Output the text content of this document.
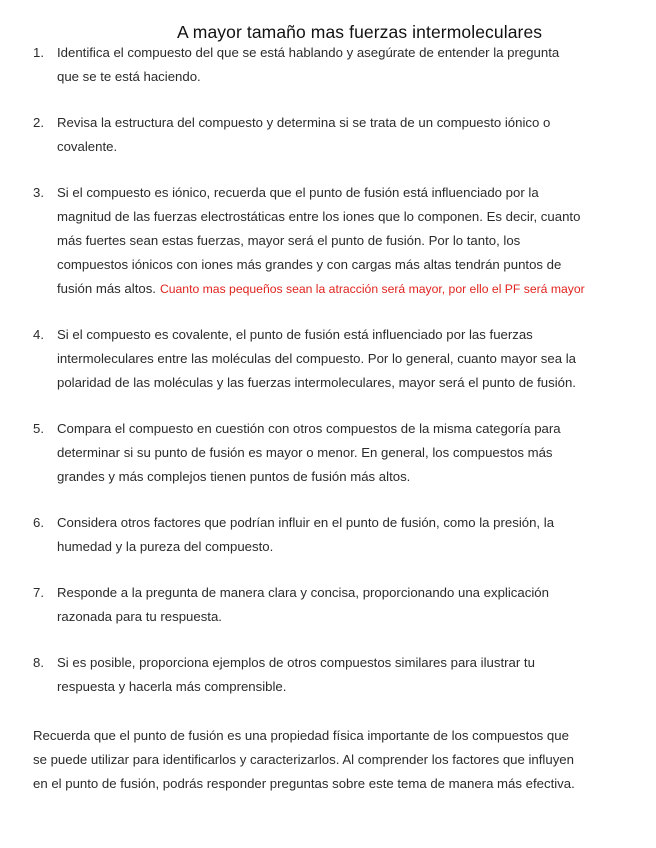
A mayor tamaño mas fuerzas intermoleculares
1. Identifica el compuesto del que se está hablando y asegúrate de entender la pregunta
que se te está haciendo.
2. Revisa la estructura del compuesto y determina si se trata de un compuesto iónico o
covalente.
3. Si el compuesto es iónico, recuerda que el punto de fusión está influenciado por la
magnitud de las fuerzas electrostáticas entre los iones que lo componen. Es decir, cuanto
más fuertes sean estas fuerzas, mayor será el punto de fusión. Por lo tanto, los
compuestos iónicos con iones más grandes y con cargas más altas tendrán puntos de
fusión más altos. Cuanto mas pequeños sean la atracción será mayor, por ello el PF será mayor
4. Si el compuesto es covalente, el punto de fusión está influenciado por las fuerzas
intermoleculares entre las moléculas del compuesto. Por lo general, cuanto mayor sea la
polaridad de las moléculas y las fuerzas intermoleculares, mayor será el punto de fusión.
5. Compara el compuesto en cuestión con otros compuestos de la misma categoría para
determinar si su punto de fusión es mayor o menor. En general, los compuestos más
grandes y más complejos tienen puntos de fusión más altos.
6. Considera otros factores que podrían influir en el punto de fusión, como la presión, la
humedad y la pureza del compuesto.
7. Responde a la pregunta de manera clara y concisa, proporcionando una explicación
razonada para tu respuesta.
8. Si es posible, proporciona ejemplos de otros compuestos similares para ilustrar tu
respuesta y hacerla más comprensible.

Recuerda que el punto de fusión es una propiedad física importante de los compuestos que
se puede utilizar para identificarlos y caracterizarlos. Al comprender los factores que influyen
en el punto de fusión, podrás responder preguntas sobre este tema de manera más efectiva.
